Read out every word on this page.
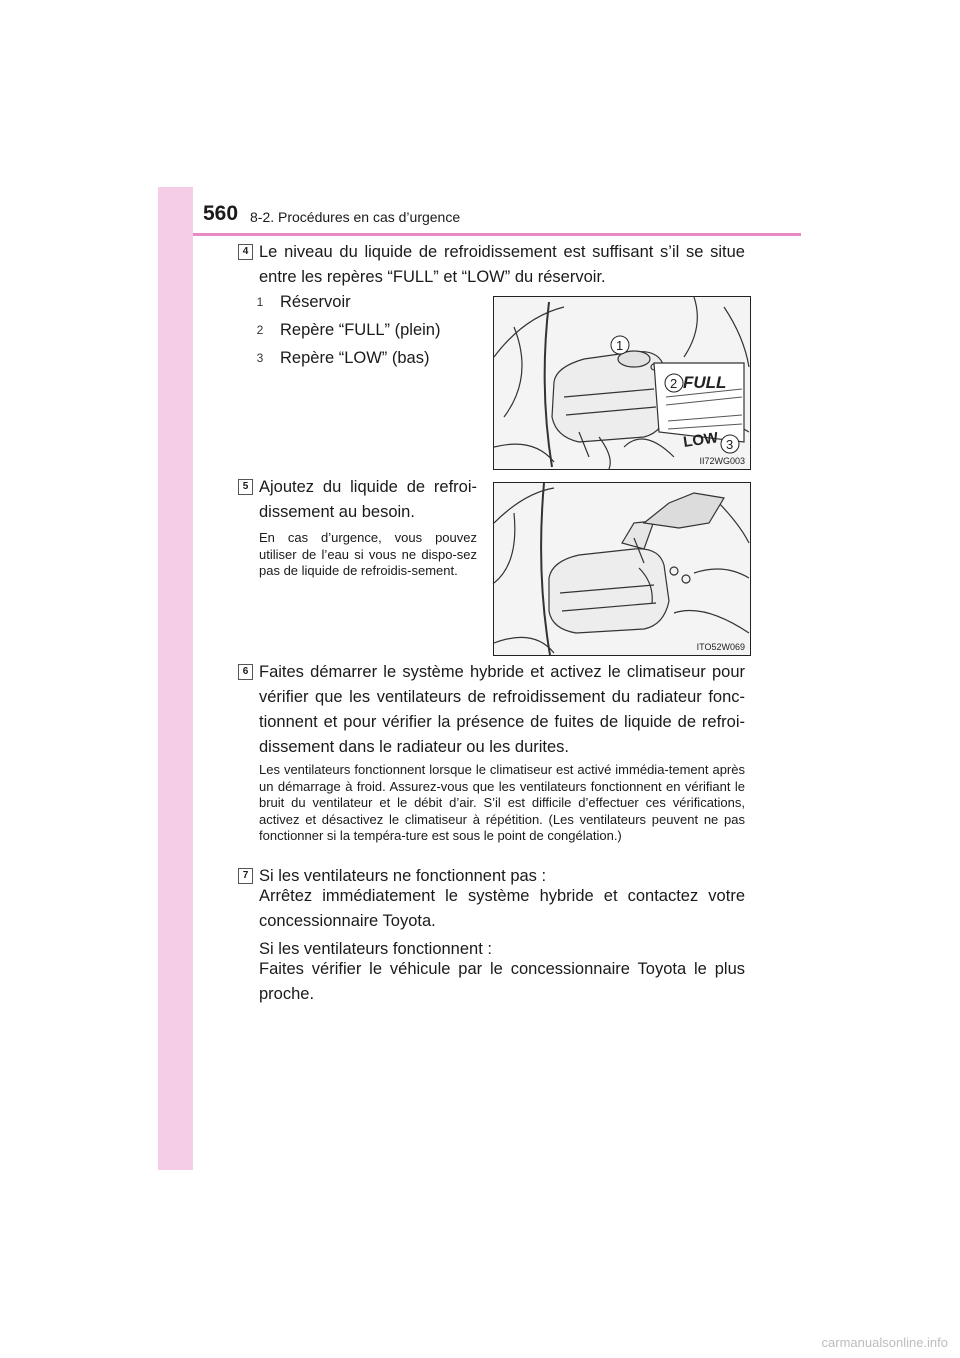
560 8-2. Procédures en cas d’urgence
4 Le niveau du liquide de refroidissement est suffisant s’il se situe entre les repères “FULL” et “LOW” du réservoir.
1 Réservoir
2 Repère “FULL” (plein)
3 Repère “LOW” (bas)
FULL
LOW
1
2
3
II72WG003
5 Ajoutez du liquide de refroi-dissement au besoin.
En cas d’urgence, vous pouvez utiliser de l’eau si vous ne dispo-sez pas de liquide de refroidis-sement.
ITO52W069
6 Faites démarrer le système hybride et activez le climatiseur pour vérifier que les ventilateurs de refroidissement du radiateur fonc-tionnent et pour vérifier la présence de fuites de liquide de refroi-dissement dans le radiateur ou les durites.
Les ventilateurs fonctionnent lorsque le climatiseur est activé immédia-tement après un démarrage à froid. Assurez-vous que les ventilateurs fonctionnent en vérifiant le bruit du ventilateur et le débit d’air. S’il est difficile d’effectuer ces vérifications, activez et désactivez le climatiseur à répétition. (Les ventilateurs peuvent ne pas fonctionner si la tempéra-ture est sous le point de congélation.)
7 Si les ventilateurs ne fonctionnent pas :
Arrêtez immédiatement le système hybride et contactez votre concessionnaire Toyota.
Si les ventilateurs fonctionnent :
Faites vérifier le véhicule par le concessionnaire Toyota le plus proche.
carmanualsonline.info
